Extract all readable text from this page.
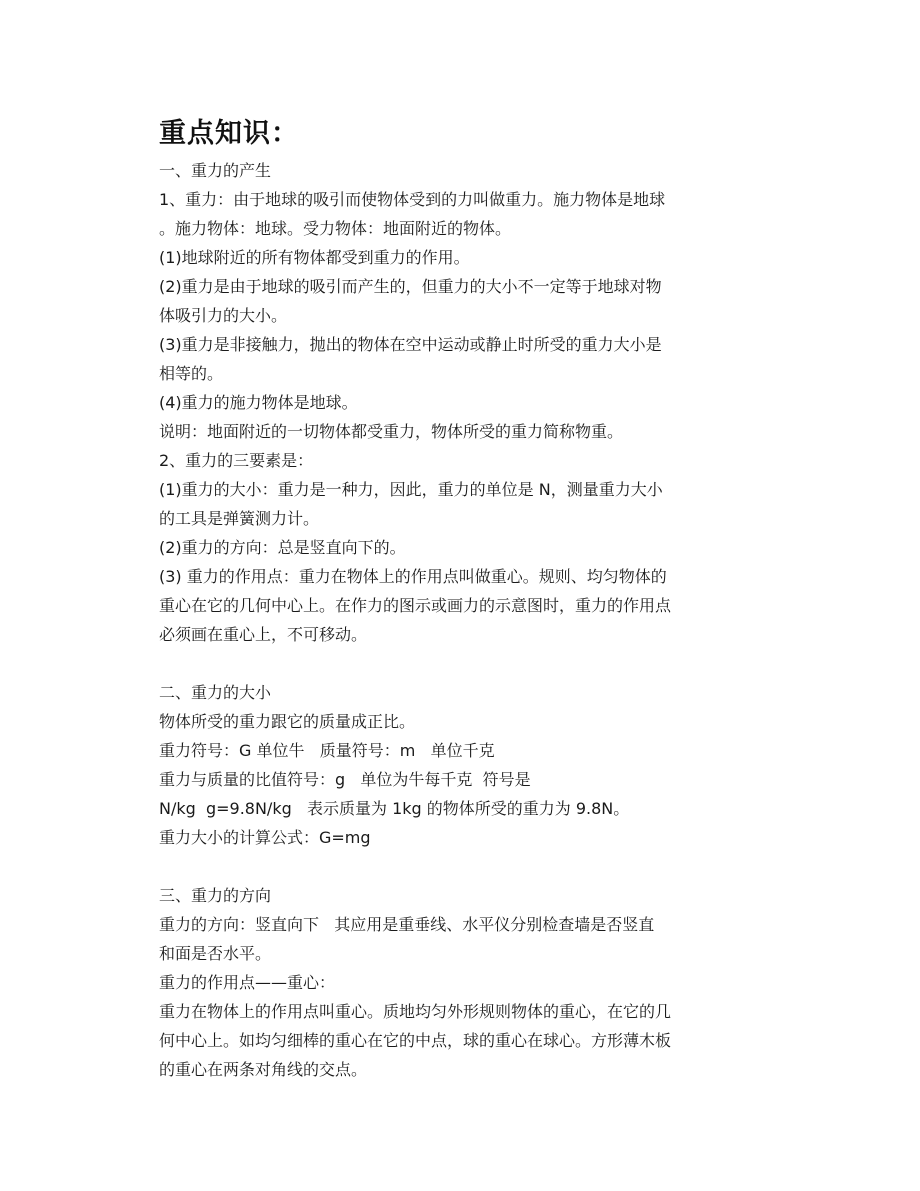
重点知识：

一、重力的产生

1、重力：由于地球的吸引而使物体受到的力叫做重力。施力物体是地球

。施力物体：地球。受力物体：地面附近的物体。

(1)地球附近的所有物体都受到重力的作用。

(2)重力是由于地球的吸引而产生的，但重力的大小不一定等于地球对物

体吸引力的大小。

(3)重力是非接触力，抛出的物体在空中运动或静止时所受的重力大小是

相等的。

(4)重力的施力物体是地球。

说明：地面附近的一切物体都受重力，物体所受的重力简称物重。

2、重力的三要素是：

(1)重力的大小：重力是一种力，因此，重力的单位是 N，测量重力大小

的工具是弹簧测力计。

(2)重力的方向：总是竖直向下的。

(3) 重力的作用点：重力在物体上的作用点叫做重心。规则、均匀物体的

重心在它的几何中心上。在作力的图示或画力的示意图时，重力的作用点

必须画在重心上，不可移动。

二、重力的大小

物体所受的重力跟它的质量成正比。

重力符号：G 单位牛   质量符号：m   单位千克

重力与质量的比值符号：g   单位为牛每千克  符号是

N/kg  g=9.8N/kg   表示质量为 1kg 的物体所受的重力为 9.8N。

重力大小的计算公式：G=mg

三、重力的方向

重力的方向：竖直向下   其应用是重垂线、水平仪分别检查墙是否竖直

和面是否水平。

重力的作用点——重心：

重力在物体上的作用点叫重心。质地均匀外形规则物体的重心，在它的几

何中心上。如均匀细棒的重心在它的中点，球的重心在球心。方形薄木板

的重心在两条对角线的交点。
